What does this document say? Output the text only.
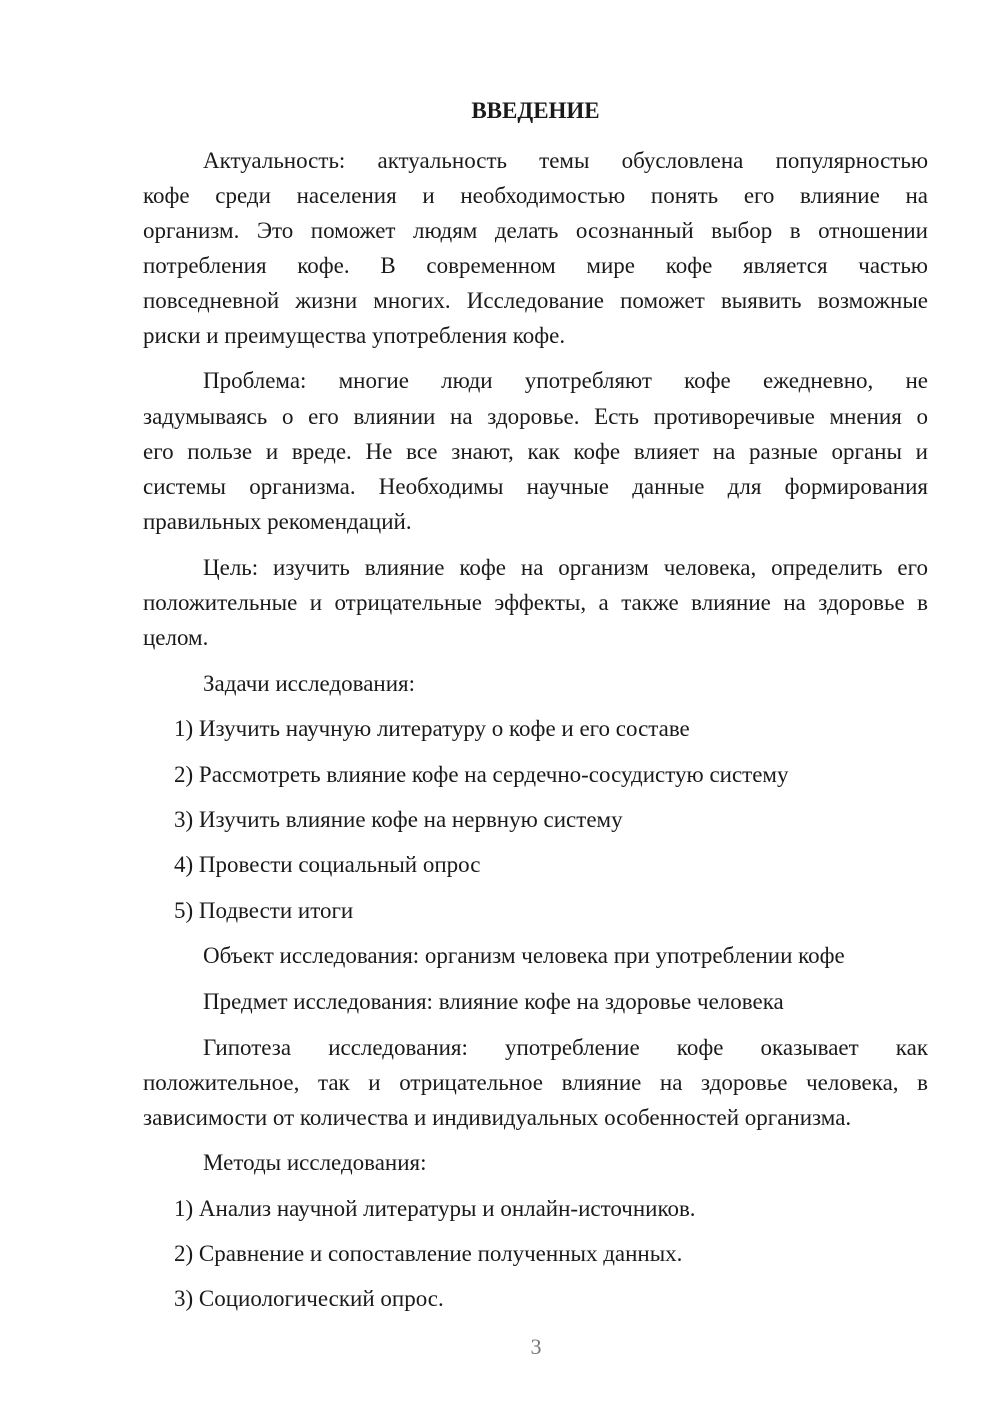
ВВЕДЕНИЕ
Актуальность: актуальность темы обусловлена популярностью
кофе среди населения и необходимостью понять его влияние на
организм. Это поможет людям делать осознанный выбор в отношении
потребления кофе. В современном мире кофе является частью
повседневной жизни многих. Исследование поможет выявить возможные
риски и преимущества употребления кофе.
Проблема: многие люди употребляют кофе ежедневно, не
задумываясь о его влиянии на здоровье. Есть противоречивые мнения о
его пользе и вреде. Не все знают, как кофе влияет на разные органы и
системы организма. Необходимы научные данные для формирования
правильных рекомендаций.
Цель: изучить влияние кофе на организм человека, определить его
положительные и отрицательные эффекты, а также влияние на здоровье в
целом.
Задачи исследования:
1) Изучить научную литературу о кофе и его составе
2) Рассмотреть влияние кофе на сердечно-сосудистую систему
3) Изучить влияние кофе на нервную систему
4) Провести социальный опрос
5) Подвести итоги
Объект исследования: организм человека при употреблении кофе
Предмет исследования: влияние кофе на здоровье человека
Гипотеза исследования: употребление кофе оказывает как
положительное, так и отрицательное влияние на здоровье человека, в
зависимости от количества и индивидуальных особенностей организма.
Методы исследования:
1) Анализ научной литературы и онлайн-источников.
2) Сравнение и сопоставление полученных данных.
3) Социологический опрос.
3
